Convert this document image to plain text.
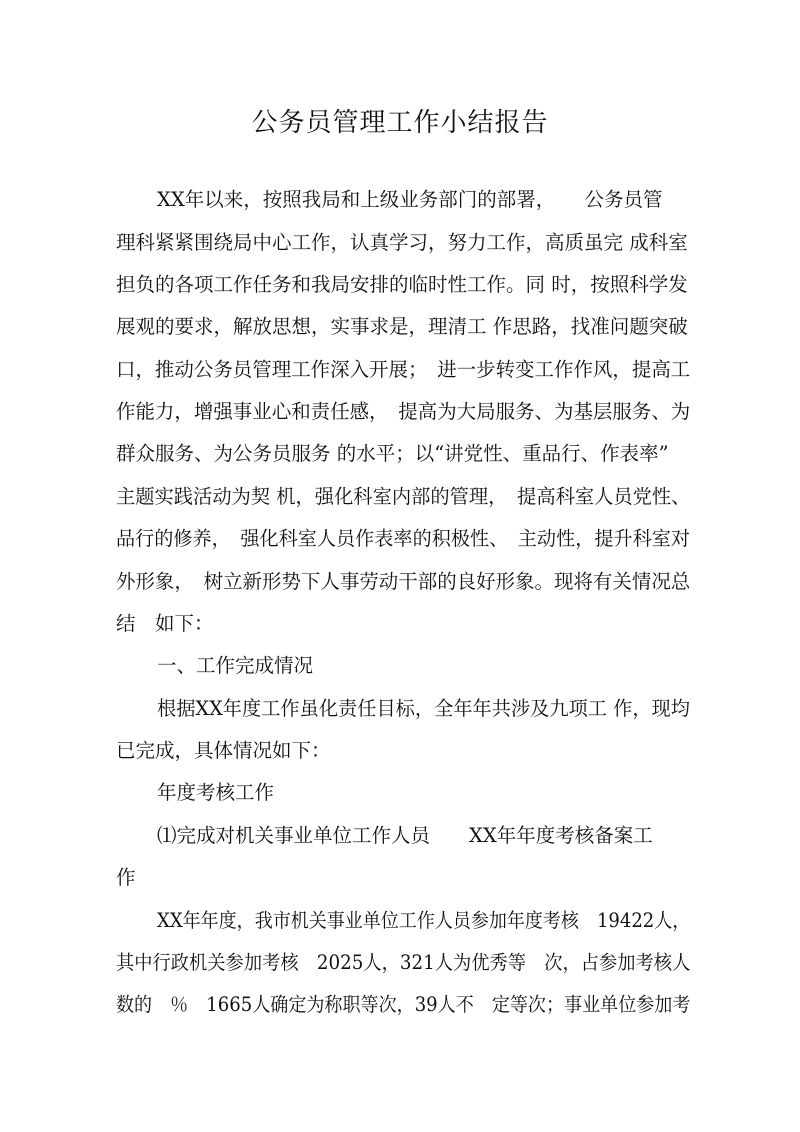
公务员管理工作小结报告
XX年以来，按照我局和上级业务部门的部署，　　公务员管
理科紧紧围绕局中心工作，认真学习，努力工作，高质虽完 成科室
担负的各项工作任务和我局安排的临时性工作。同 时，按照科学发
展观的要求，解放思想，实事求是，理清工 作思路，找准问题突破
口，推动公务员管理工作深入开展；　进一步转变工作作风，提高工
作能力，增强事业心和责任感，　提高为大局服务、为基层服务、为
群众服务、为公务员服务 的水平；以“讲党性、重品行、作表率”
主题实践活动为契 机，强化科室内部的管理，　提高科室人员党性、
品行的修养，　强化科室人员作表率的积极性、　主动性，提升科室对
外形象，　树立新形势下人事劳动干部的良好形象。现将有关情况总
结　如下：
一、工作完成情况
根据XX年度工作虽化责任目标，全年年共涉及九项工 作，现均
已完成，具体情况如下：
年度考核工作
⑴完成对机关事业单位工作人员　　XX年年度考核备案工
作
XX年年度，我市机关事业单位工作人员参加年度考核　19422人，
其中行政机关参加考核　2025人，321人为优秀等　次，占参加考核人
数的　％　1665人确定为称职等次，39人不　定等次；事业单位参加考
